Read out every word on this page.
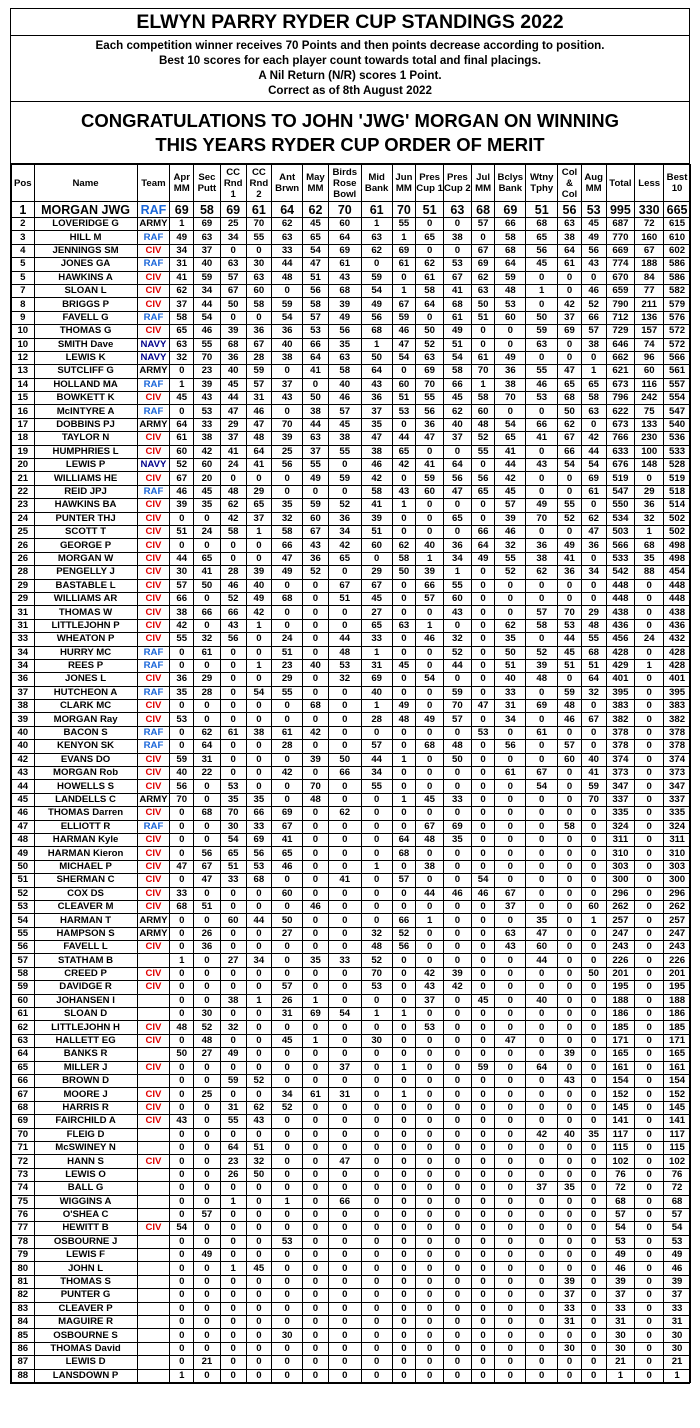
ELWYN PARRY RYDER CUP STANDINGS 2022
Each competition winner receives 70 Points and then points decrease according to position.
Best 10 scores for each player count towards total and final placings.
A Nil Return (N/R) scores 1 Point.
Correct as of 8th August 2022
CONGRATULATIONS TO JOHN 'JWG' MORGAN ON WINNING
THIS YEARS RYDER CUP ORDER OF MERIT
Pos	Name	Team	Apr MM	Sec Putt	CC Rnd 1	CC Rnd 2	Ant Brwn	May MM	Birds Rose Bowl	Mid Bank	Jun MM	Pres Cup 1	Pres Cup 2	Jul MM	Bclys Bank	Wtny Tphy	Col & Col	Aug MM	Total	Less	Best 10
1	MORGAN JWG	RAF	69	58	69	61	64	62	70	61	70	51	63	68	69	51	56	53	995	330	665
2	LOVERIDGE G	ARMY	1	69	25	70	62	45	60	1	55	0	0	57	66	68	63	45	687	72	615
3	HILL M	RAF	49	63	34	55	63	65	64	63	1	65	38	0	58	65	38	49	770	160	610
4	JENNINGS SM	CIV	34	37	0	0	33	54	69	62	69	0	0	67	68	56	64	56	669	67	602
5	JONES GA	RAF	31	40	63	30	44	47	61	0	61	62	53	69	64	45	61	43	774	188	586
5	HAWKINS A	CIV	41	59	57	63	48	51	43	59	0	61	67	62	59	0	0	0	670	84	586
7	SLOAN L	CIV	62	34	67	60	0	56	68	54	1	58	41	63	48	1	0	46	659	77	582
8	BRIGGS P	CIV	37	44	50	58	59	58	39	49	67	64	68	50	53	0	42	52	790	211	579
9	FAVELL G	RAF	58	54	0	0	54	57	49	56	59	0	61	51	60	50	37	66	712	136	576
10	THOMAS G	CIV	65	46	39	36	36	53	56	68	46	50	49	0	0	59	69	57	729	157	572
10	SMITH Dave	NAVY	63	55	68	67	40	66	35	1	47	52	51	0	0	63	0	38	646	74	572
12	LEWIS K	NAVY	32	70	36	28	38	64	63	50	54	63	54	61	49	0	0	0	662	96	566
13	SUTCLIFF G	ARMY	0	23	40	59	0	41	58	64	0	69	58	70	36	55	47	1	621	60	561
14	HOLLAND MA	RAF	1	39	45	57	37	0	40	43	60	70	66	1	38	46	65	65	673	116	557
15	BOWKETT K	CIV	45	43	44	31	43	50	46	36	51	55	45	58	70	53	68	58	796	242	554
16	McINTYRE A	RAF	0	53	47	46	0	38	57	37	53	56	62	60	0	0	50	63	622	75	547
17	DOBBINS PJ	ARMY	64	33	29	47	70	44	45	35	0	36	40	48	54	66	62	0	673	133	540
18	TAYLOR N	CIV	61	38	37	48	39	63	38	47	44	47	37	52	65	41	67	42	766	230	536
19	HUMPHRIES L	CIV	60	42	41	64	25	37	55	38	65	0	0	55	41	0	66	44	633	100	533
20	LEWIS P	NAVY	52	60	24	41	56	55	0	46	42	41	64	0	44	43	54	54	676	148	528
21	WILLIAMS HE	CIV	67	20	0	0	0	49	59	42	0	59	56	56	42	0	0	69	519	0	519
22	REID JPJ	RAF	46	45	48	29	0	0	0	58	43	60	47	65	45	0	0	61	547	29	518
23	HAWKINS BA	CIV	39	35	62	65	35	59	52	41	1	0	0	0	57	49	55	0	550	36	514
24	PUNTER THJ	CIV	0	0	42	37	32	60	36	39	0	0	65	0	39	70	52	62	534	32	502
25	SCOTT T	CIV	51	24	58	1	58	67	34	51	0	0	0	66	46	0	0	47	503	1	502
26	GEORGE P	CIV	0	0	0	0	66	43	42	60	62	40	36	64	32	36	49	36	566	68	498
26	MORGAN W	CIV	44	65	0	0	47	36	65	0	58	1	34	49	55	38	41	0	533	35	498
28	PENGELLY J	CIV	30	41	28	39	49	52	0	29	50	39	1	0	52	62	36	34	542	88	454
29	BASTABLE L	CIV	57	50	46	40	0	0	67	67	0	66	55	0	0	0	0	0	448	0	448
29	WILLIAMS AR	CIV	66	0	52	49	68	0	51	45	0	57	60	0	0	0	0	0	448	0	448
31	THOMAS W	CIV	38	66	66	42	0	0	0	27	0	0	43	0	0	57	70	29	438	0	438
31	LITTLEJOHN P	CIV	42	0	43	1	0	0	0	65	63	1	0	0	62	58	53	48	436	0	436
33	WHEATON P	CIV	55	32	56	0	24	0	44	33	0	46	32	0	35	0	44	55	456	24	432
34	HURRY MC	RAF	0	61	0	0	51	0	48	1	0	0	52	0	50	52	45	68	428	0	428
34	REES P	RAF	0	0	0	1	23	40	53	31	45	0	44	0	51	39	51	51	429	1	428
36	JONES L	CIV	36	29	0	0	29	0	32	69	0	54	0	0	40	48	0	64	401	0	401
37	HUTCHEON A	RAF	35	28	0	54	55	0	0	40	0	0	59	0	33	0	59	32	395	0	395
38	CLARK MC	CIV	0	0	0	0	0	68	0	1	49	0	70	47	31	69	48	0	383	0	383
39	MORGAN Ray	CIV	53	0	0	0	0	0	0	28	48	49	57	0	34	0	46	67	382	0	382
40	BACON S	RAF	0	62	61	38	61	42	0	0	0	0	0	53	0	61	0	0	378	0	378
40	KENYON SK	RAF	0	64	0	0	28	0	0	57	0	68	48	0	56	0	57	0	378	0	378
42	EVANS DO	CIV	59	31	0	0	0	39	50	44	1	0	50	0	0	0	60	40	374	0	374
43	MORGAN Rob	CIV	40	22	0	0	42	0	66	34	0	0	0	0	61	67	0	41	373	0	373
44	HOWELLS S	CIV	56	0	53	0	0	70	0	55	0	0	0	0	0	54	0	59	347	0	347
45	LANDELLS C	ARMY	70	0	35	35	0	48	0	0	1	45	33	0	0	0	0	70	337	0	337
46	THOMAS Darren	CIV	0	68	70	66	69	0	62	0	0	0	0	0	0	0	0	0	335	0	335
47	ELLIOTT R	RAF	0	0	30	33	67	0	0	0	0	67	69	0	0	0	58	0	324	0	324
48	HARMAN Kyle	CIV	0	0	54	69	41	0	0	0	64	48	35	0	0	0	0	0	311	0	311
49	HARMAN Kieron	CIV	0	56	65	56	65	0	0	0	68	0	0	0	0	0	0	0	310	0	310
50	MICHAEL P	CIV	47	67	51	53	46	0	0	1	0	38	0	0	0	0	0	0	303	0	303
51	SHERMAN C	CIV	0	47	33	68	0	0	41	0	57	0	0	54	0	0	0	0	300	0	300
52	COX DS	CIV	33	0	0	0	60	0	0	0	0	44	46	46	67	0	0	0	296	0	296
53	CLEAVER M	CIV	68	51	0	0	0	46	0	0	0	0	0	0	37	0	0	60	262	0	262
54	HARMAN T	ARMY	0	0	60	44	50	0	0	0	66	1	0	0	0	35	0	1	257	0	257
55	HAMPSON S	ARMY	0	26	0	0	27	0	0	32	52	0	0	0	63	47	0	0	247	0	247
56	FAVELL L	CIV	0	36	0	0	0	0	0	48	56	0	0	0	43	60	0	0	243	0	243
57	STATHAM B		1	0	27	34	0	35	33	52	0	0	0	0	0	44	0	0	226	0	226
58	CREED P	CIV	0	0	0	0	0	0	0	70	0	42	39	0	0	0	0	50	201	0	201
59	DAVIDGE R	CIV	0	0	0	0	57	0	0	53	0	43	42	0	0	0	0	0	195	0	195
60	JOHANSEN I		0	0	38	1	26	1	0	0	0	37	0	45	0	40	0	0	188	0	188
61	SLOAN D		0	30	0	0	31	69	54	1	1	0	0	0	0	0	0	0	186	0	186
62	LITTLEJOHN H	CIV	48	52	32	0	0	0	0	0	0	53	0	0	0	0	0	0	185	0	185
63	HALLETT EG	CIV	0	48	0	0	45	1	0	30	0	0	0	0	47	0	0	0	171	0	171
64	BANKS R		50	27	49	0	0	0	0	0	0	0	0	0	0	0	39	0	165	0	165
65	MILLER J	CIV	0	0	0	0	0	0	37	0	1	0	0	59	0	64	0	0	161	0	161
66	BROWN D		0	0	59	52	0	0	0	0	0	0	0	0	0	0	43	0	154	0	154
67	MOORE J	CIV	0	25	0	0	34	61	31	0	1	0	0	0	0	0	0	0	152	0	152
68	HARRIS R	CIV	0	0	31	62	52	0	0	0	0	0	0	0	0	0	0	0	145	0	145
69	FAIRCHILD A	CIV	43	0	55	43	0	0	0	0	0	0	0	0	0	0	0	0	141	0	141
70	FLEIG D		0	0	0	0	0	0	0	0	0	0	0	0	0	42	40	35	117	0	117
71	McSWINEY N		0	0	64	51	0	0	0	0	0	0	0	0	0	0	0	0	115	0	115
72	HANN S	CIV	0	0	23	32	0	0	47	0	0	0	0	0	0	0	0	0	102	0	102
73	LEWIS O		0	0	26	50	0	0	0	0	0	0	0	0	0	0	0	0	76	0	76
74	BALL G		0	0	0	0	0	0	0	0	0	0	0	0	0	37	35	0	72	0	72
75	WIGGINS A		0	0	1	0	1	0	66	0	0	0	0	0	0	0	0	0	68	0	68
76	O'SHEA C		0	57	0	0	0	0	0	0	0	0	0	0	0	0	0	0	57	0	57
77	HEWITT B	CIV	54	0	0	0	0	0	0	0	0	0	0	0	0	0	0	0	54	0	54
78	OSBOURNE J		0	0	0	0	53	0	0	0	0	0	0	0	0	0	0	0	53	0	53
79	LEWIS F		0	49	0	0	0	0	0	0	0	0	0	0	0	0	0	0	49	0	49
80	JOHN L		0	0	1	45	0	0	0	0	0	0	0	0	0	0	0	0	46	0	46
81	THOMAS S		0	0	0	0	0	0	0	0	0	0	0	0	0	0	39	0	39	0	39
82	PUNTER G		0	0	0	0	0	0	0	0	0	0	0	0	0	0	37	0	37	0	37
83	CLEAVER P		0	0	0	0	0	0	0	0	0	0	0	0	0	0	33	0	33	0	33
84	MAGUIRE R		0	0	0	0	0	0	0	0	0	0	0	0	0	0	31	0	31	0	31
85	OSBOURNE S		0	0	0	0	30	0	0	0	0	0	0	0	0	0	0	0	30	0	30
86	THOMAS David		0	0	0	0	0	0	0	0	0	0	0	0	0	0	30	0	30	0	30
87	LEWIS D		0	21	0	0	0	0	0	0	0	0	0	0	0	0	0	0	21	0	21
88	LANSDOWN P		1	0	0	0	0	0	0	0	0	0	0	0	0	0	0	0	1	0	1
